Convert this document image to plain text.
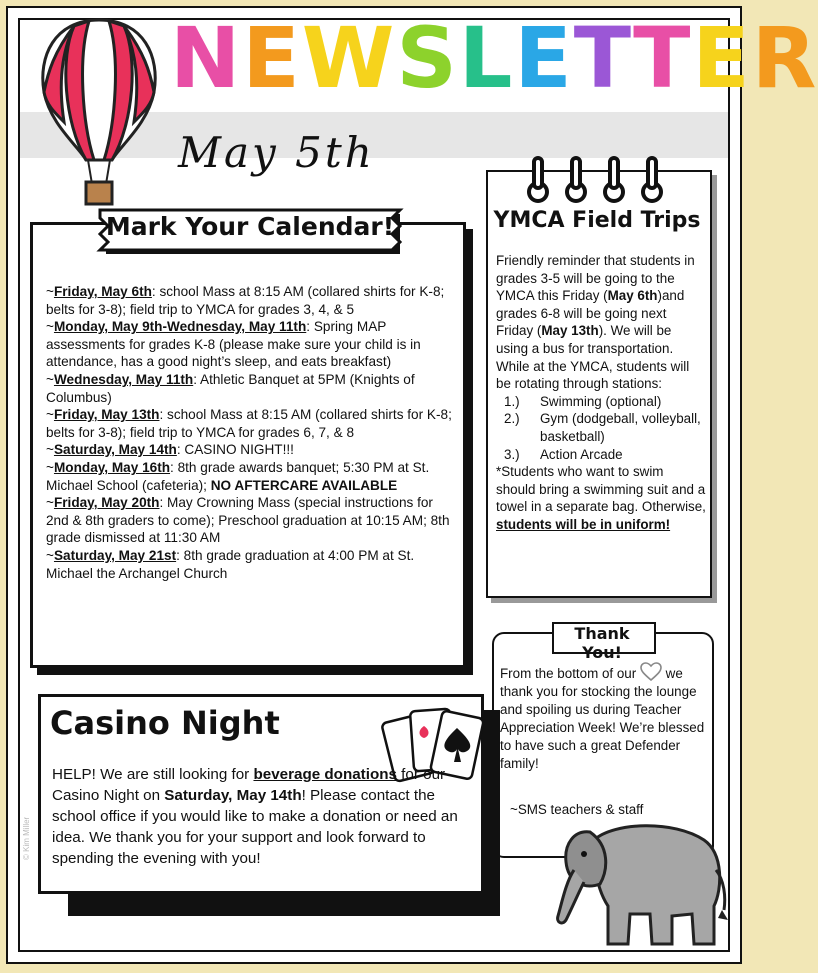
NEWSLETTER
May 5th
Mark Your Calendar!

~Friday, May 6th: school Mass at 8:15 AM (collared shirts for K-8; belts for 3-8); field trip to YMCA for grades 3, 4, & 5

~Monday, May 9th-Wednesday, May 11th: Spring MAP assessments for grades K-8 (please make sure your child is in attendance, has a good night’s sleep, and eats breakfast)

~Wednesday, May 11th: Athletic Banquet at 5PM (Knights of Columbus)

~Friday, May 13th: school Mass at 8:15 AM (collared shirts for K-8; belts for 3-8); field trip to YMCA for grades 6, 7, & 8

~Saturday, May 14th: CASINO NIGHT!!!

~Monday, May 16th: 8th grade awards banquet; 5:30 PM at St. Michael School (cafeteria); NO AFTERCARE AVAILABLE

~Friday, May 20th: May Crowning Mass (special instructions for 2nd & 8th graders to come); Preschool graduation at 10:15 AM; 8th grade dismissed at 11:30 AM

~Saturday, May 21st: 8th grade graduation at 4:00 PM at St. Michael the Archangel Church

YMCA Field Trips
Friendly reminder that students in grades 3-5 will be going to the YMCA this Friday (May 6th)and grades 6-8 will be going next Friday (May 13th). We will be using a bus for transportation. While at the YMCA, students will be rotating through stations:
1.)	Swimming (optional)
2.)	Gym (dodgeball, volleyball, basketball)
3.)	Action Arcade
*Students who want to swim should bring a swimming suit and a towel in a separate bag. Otherwise, students will be in uniform!
Thank You!
From the bottom of our  we thank you for stocking the lounge and spoiling us during Teacher Appreciation Week! We’re blessed to have such a great Defender family!
~SMS teachers & staff
Casino Night
HELP! We are still looking for beverage donations for our Casino Night on Saturday, May 14th! Please contact the school office if you would like to make a donation or need an idea. We thank you for your support and look forward to spending the evening with you!
© Kim Miller
